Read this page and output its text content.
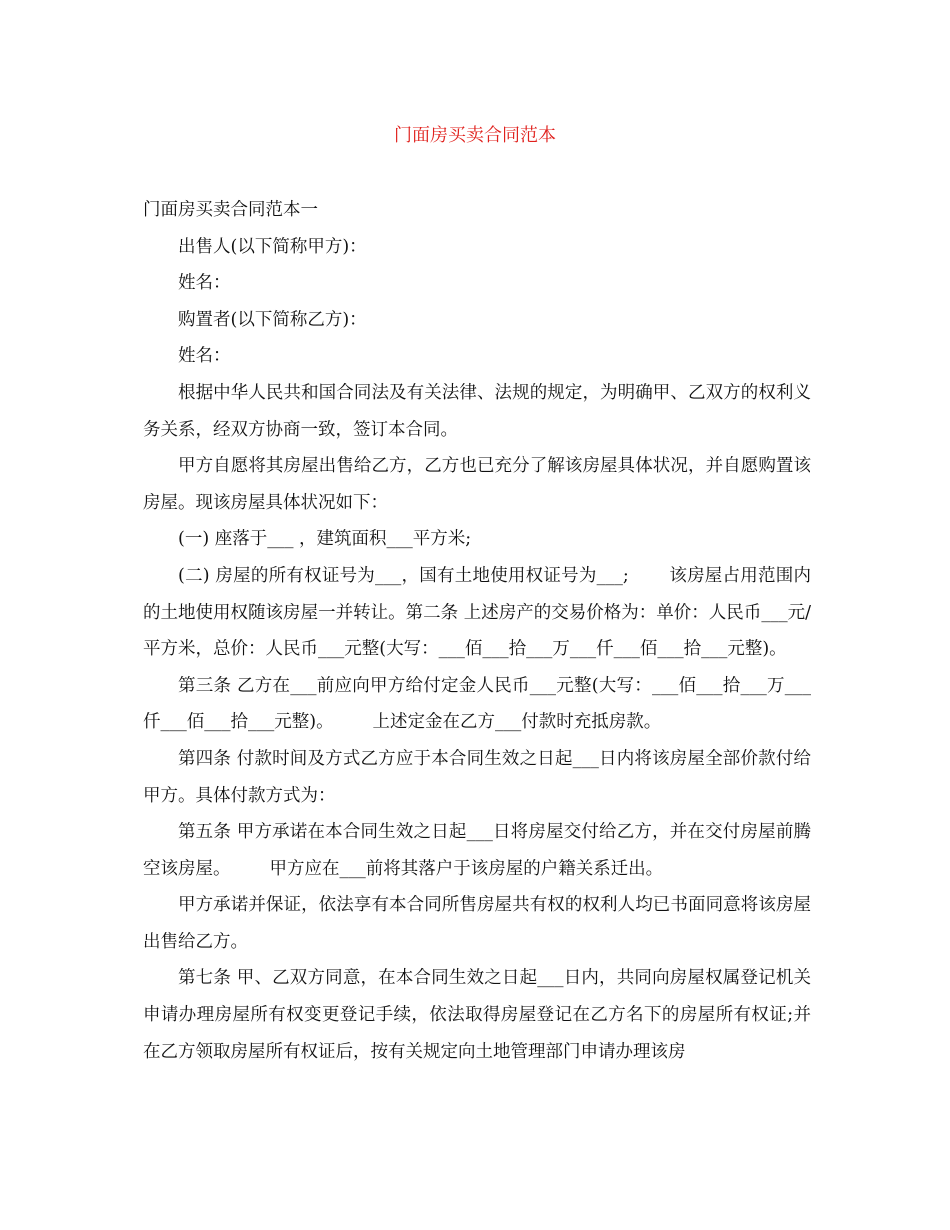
门面房买卖合同范本

门面房买卖合同范本一

出售人(以下简称甲方)：

姓名：

购置者(以下简称乙方)：

姓名：

根据中华人民共和国合同法及有关法律、法规的规定，为明确甲、乙双方的权利义务关系，经双方协商一致，签订本合同。

甲方自愿将其房屋出售给乙方，乙方也已充分了解该房屋具体状况，并自愿购置该房屋。现该房屋具体状况如下：

(一) 座落于___ ，建筑面积___平方米;

(二) 房屋的所有权证号为___，国有土地使用权证号为___;       该房屋占用范围内的土地使用权随该房屋一并转让。第二条 上述房产的交易价格为：单价：人民币___元/平方米，总价：人民币___元整(大写：___佰___拾___万___仟___佰___拾___元整)。

第三条 乙方在___前应向甲方给付定金人民币___元整(大写：___佰___拾___万___仟___佰___拾___元整)。       上述定金在乙方___付款时充抵房款。

第四条 付款时间及方式乙方应于本合同生效之日起___日内将该房屋全部价款付给甲方。具体付款方式为：

第五条 甲方承诺在本合同生效之日起___日将房屋交付给乙方，并在交付房屋前腾空该房屋。       甲方应在___前将其落户于该房屋的户籍关系迁出。

甲方承诺并保证，依法享有本合同所售房屋共有权的权利人均已书面同意将该房屋出售给乙方。

第七条 甲、乙双方同意，在本合同生效之日起___日内，共同向房屋权属登记机关申请办理房屋所有权变更登记手续，依法取得房屋登记在乙方名下的房屋所有权证;并在乙方领取房屋所有权证后，按有关规定向土地管理部门申请办理该房
